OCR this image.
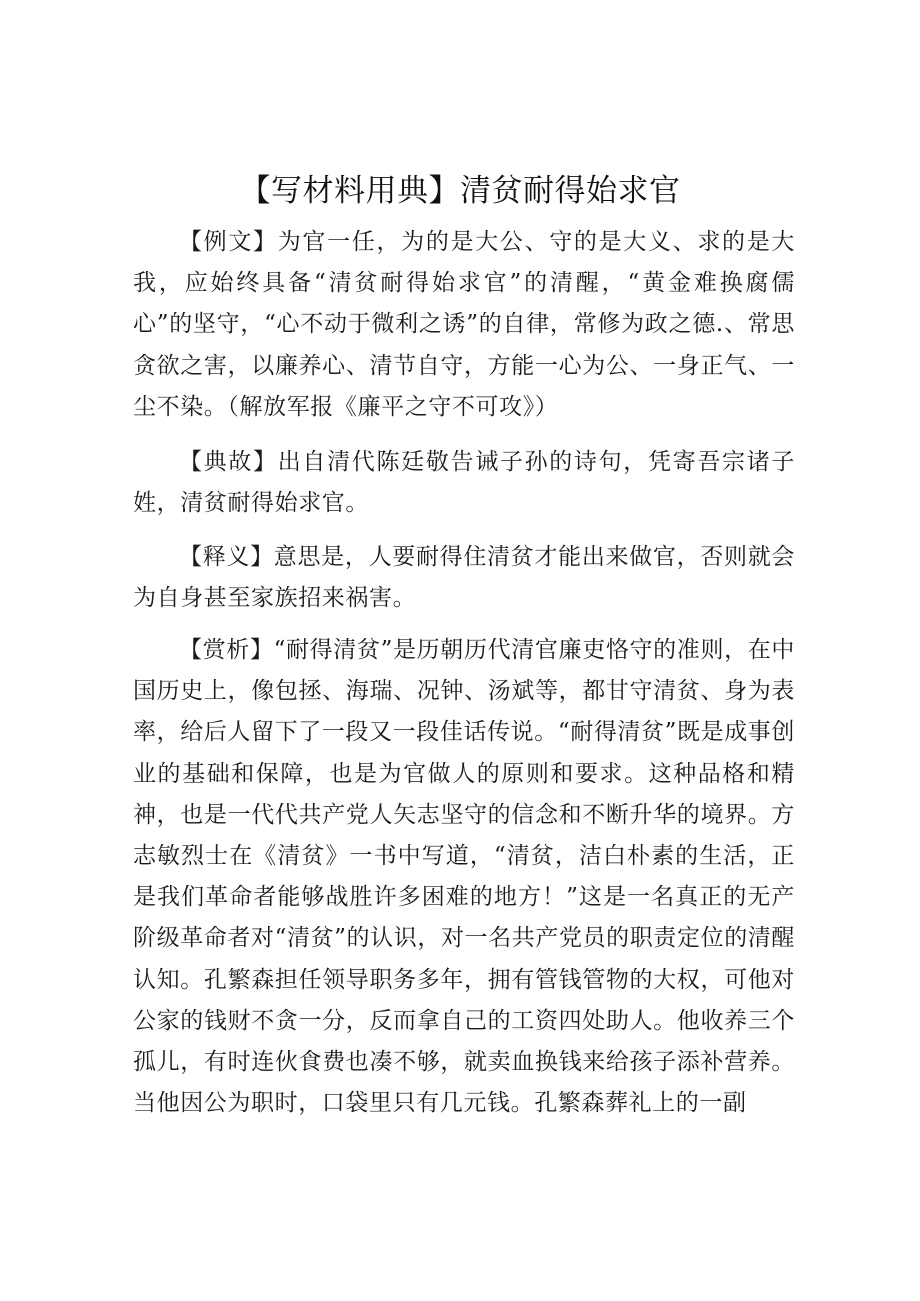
【写材料用典】清贫耐得始求官

【例文】为官一任，为的是大公、守的是大义、求的是大我，应始终具备“清贫耐得始求官”的清醒，“黄金难换腐儒心”的坚守，“心不动于微利之诱”的自律，常修为政之德.、常思贪欲之害，以廉养心、清节自守，方能一心为公、一身正气、一尘不染。（解放军报《廉平之守不可攻》）

【典故】出自清代陈廷敬告诫子孙的诗句，凭寄吾宗诸子姓，清贫耐得始求官。

【释义】意思是，人要耐得住清贫才能出来做官，否则就会为自身甚至家族招来祸害。

【赏析】“耐得清贫”是历朝历代清官廉吏恪守的准则，在中国历史上，像包拯、海瑞、况钟、汤斌等，都甘守清贫、身为表率，给后人留下了一段又一段佳话传说。“耐得清贫”既是成事创业的基础和保障，也是为官做人的原则和要求。这种品格和精神，也是一代代共产党人矢志坚守的信念和不断升华的境界。方志敏烈士在《清贫》一书中写道，“清贫，洁白朴素的生活，正是我们革命者能够战胜许多困难的地方！”这是一名真正的无产阶级革命者对“清贫”的认识，对一名共产党员的职责定位的清醒认知。孔繁森担任领导职务多年，拥有管钱管物的大权，可他对公家的钱财不贪一分，反而拿自己的工资四处助人。他收养三个孤儿，有时连伙食费也凑不够，就卖血换钱来给孩子添补营养。当他因公为职时，口袋里只有几元钱。孔繁森葬礼上的一副
